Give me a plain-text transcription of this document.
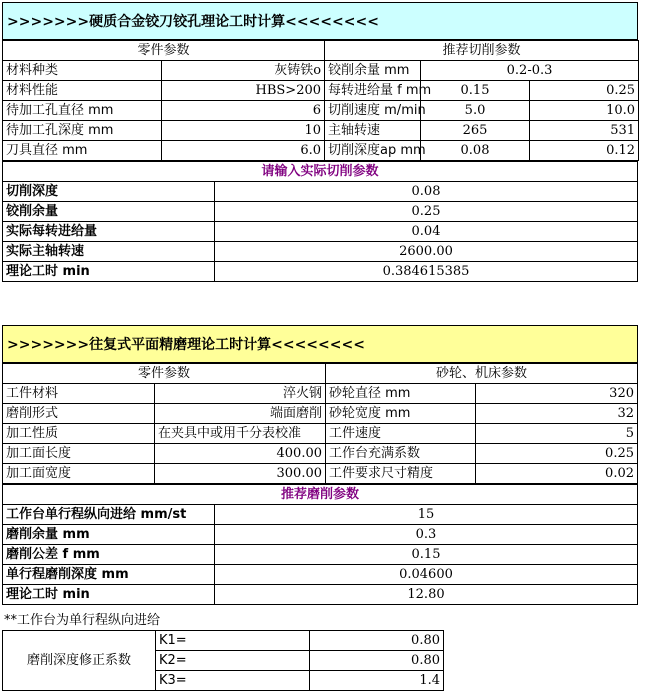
>>>>>>>硬质合金铰刀铰孔理论工时计算<<<<<<<<
零件参数		推荐切削参数		
材料种类	灰铸铁o	铰削余量 mm	0.2-0.3	
材料性能	HBS>200	每转进给量 f mm	0.15	0.25
待加工孔直径 mm	6	切削速度 m/min	5.0	10.0
待加工孔深度 mm	10	主轴转速	265	531
刀具直径 mm	6.0	切削深度ap mm	0.08	0.12
请输入实际切削参数	
切削深度	0.08
铰削余量	0.25
实际每转进给量	0.04
实际主轴转速	2600.00
理论工时 min	0.384615385
>>>>>>>往复式平面精磨理论工时计算<<<<<<<<
零件参数		砂轮、机床参数	
工件材料	淬火钢	砂轮直径 mm	320
磨削形式	端面磨削	砂轮宽度 mm	32
加工性质	在夹具中或用千分表校准	工件速度	5
加工面长度	400.00	工作台充满系数	0.25
加工面宽度	300.00	工件要求尺寸精度	0.02
推荐磨削参数	
工作台单行程纵向进给 mm/st	15
磨削余量 mm	0.3
磨削公差 f mm	0.15
单行程磨削深度 mm	0.04600
理论工时 min	12.80
**工作台为单行程纵向进给
磨削深度修正系数	K1=	0.80
	K2=	0.80
	K3=	1.4
